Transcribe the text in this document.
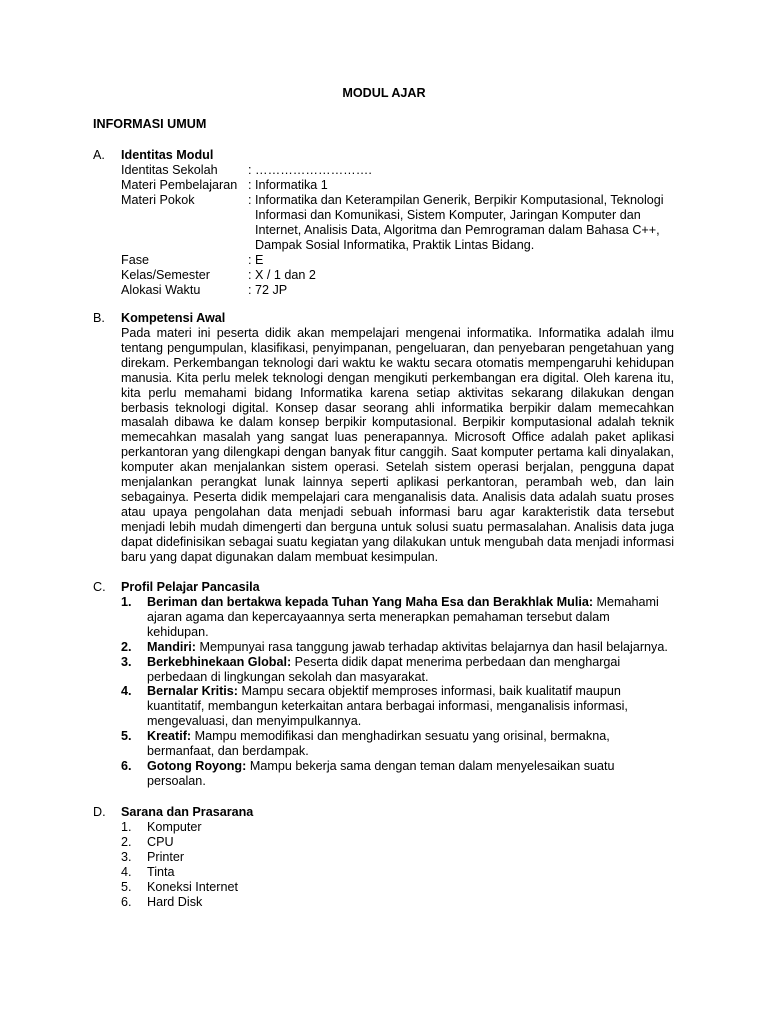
MODUL AJAR
INFORMASI UMUM
A. Identitas Modul
Identitas Sekolah	: ……………………….
Materi Pembelajaran : Informatika 1
Materi Pokok	: Informatika dan Keterampilan Generik, Berpikir Komputasional, Teknologi Informasi dan Komunikasi, Sistem Komputer, Jaringan Komputer dan Internet, Analisis Data, Algoritma dan Pemrograman dalam Bahasa C++, Dampak Sosial Informatika, Praktik Lintas Bidang.
Fase	: E
Kelas/Semester	: X / 1 dan 2
Alokasi Waktu	: 72 JP
B. Kompetensi Awal
Pada materi ini peserta didik akan mempelajari mengenai informatika. Informatika adalah ilmu tentang pengumpulan, klasifikasi, penyimpanan, pengeluaran, dan penyebaran pengetahuan yang direkam. Perkembangan teknologi dari waktu ke waktu secara otomatis mempengaruhi kehidupan manusia. Kita perlu melek teknologi dengan mengikuti perkembangan era digital. Oleh karena itu, kita perlu memahami bidang Informatika karena setiap aktivitas sekarang dilakukan dengan berbasis teknologi digital. Konsep dasar seorang ahli informatika berpikir dalam memecahkan masalah dibawa ke dalam konsep berpikir komputasional. Berpikir komputasional adalah teknik memecahkan masalah yang sangat luas penerapannya. Microsoft Office adalah paket aplikasi perkantoran yang dilengkapi dengan banyak fitur canggih. Saat komputer pertama kali dinyalakan, komputer akan menjalankan sistem operasi. Setelah sistem operasi berjalan, pengguna dapat menjalankan perangkat lunak lainnya seperti aplikasi perkantoran, perambah web, dan lain sebagainya. Peserta didik mempelajari cara menganalisis data. Analisis data adalah suatu proses atau upaya pengolahan data menjadi sebuah informasi baru agar karakteristik data tersebut menjadi lebih mudah dimengerti dan berguna untuk solusi suatu permasalahan. Analisis data juga dapat didefinisikan sebagai suatu kegiatan yang dilakukan untuk mengubah data menjadi informasi baru yang dapat digunakan dalam membuat kesimpulan.
C. Profil Pelajar Pancasila
1. Beriman dan bertakwa kepada Tuhan Yang Maha Esa dan Berakhlak Mulia: Memahami ajaran agama dan kepercayaannya serta menerapkan pemahaman tersebut dalam kehidupan.
2. Mandiri: Mempunyai rasa tanggung jawab terhadap aktivitas belajarnya dan hasil belajarnya.
3. Berkebhinekaan Global: Peserta didik dapat menerima perbedaan dan menghargai perbedaan di lingkungan sekolah dan masyarakat.
4. Bernalar Kritis: Mampu secara objektif memproses informasi, baik kualitatif maupun kuantitatif, membangun keterkaitan antara berbagai informasi, menganalisis informasi, mengevaluasi, dan menyimpulkannya.
5. Kreatif: Mampu memodifikasi dan menghadirkan sesuatu yang orisinal, bermakna, bermanfaat, dan berdampak.
6. Gotong Royong: Mampu bekerja sama dengan teman dalam menyelesaikan suatu persoalan.
D. Sarana dan Prasarana
1. Komputer
2. CPU
3. Printer
4. Tinta
5. Koneksi Internet
6. Hard Disk
